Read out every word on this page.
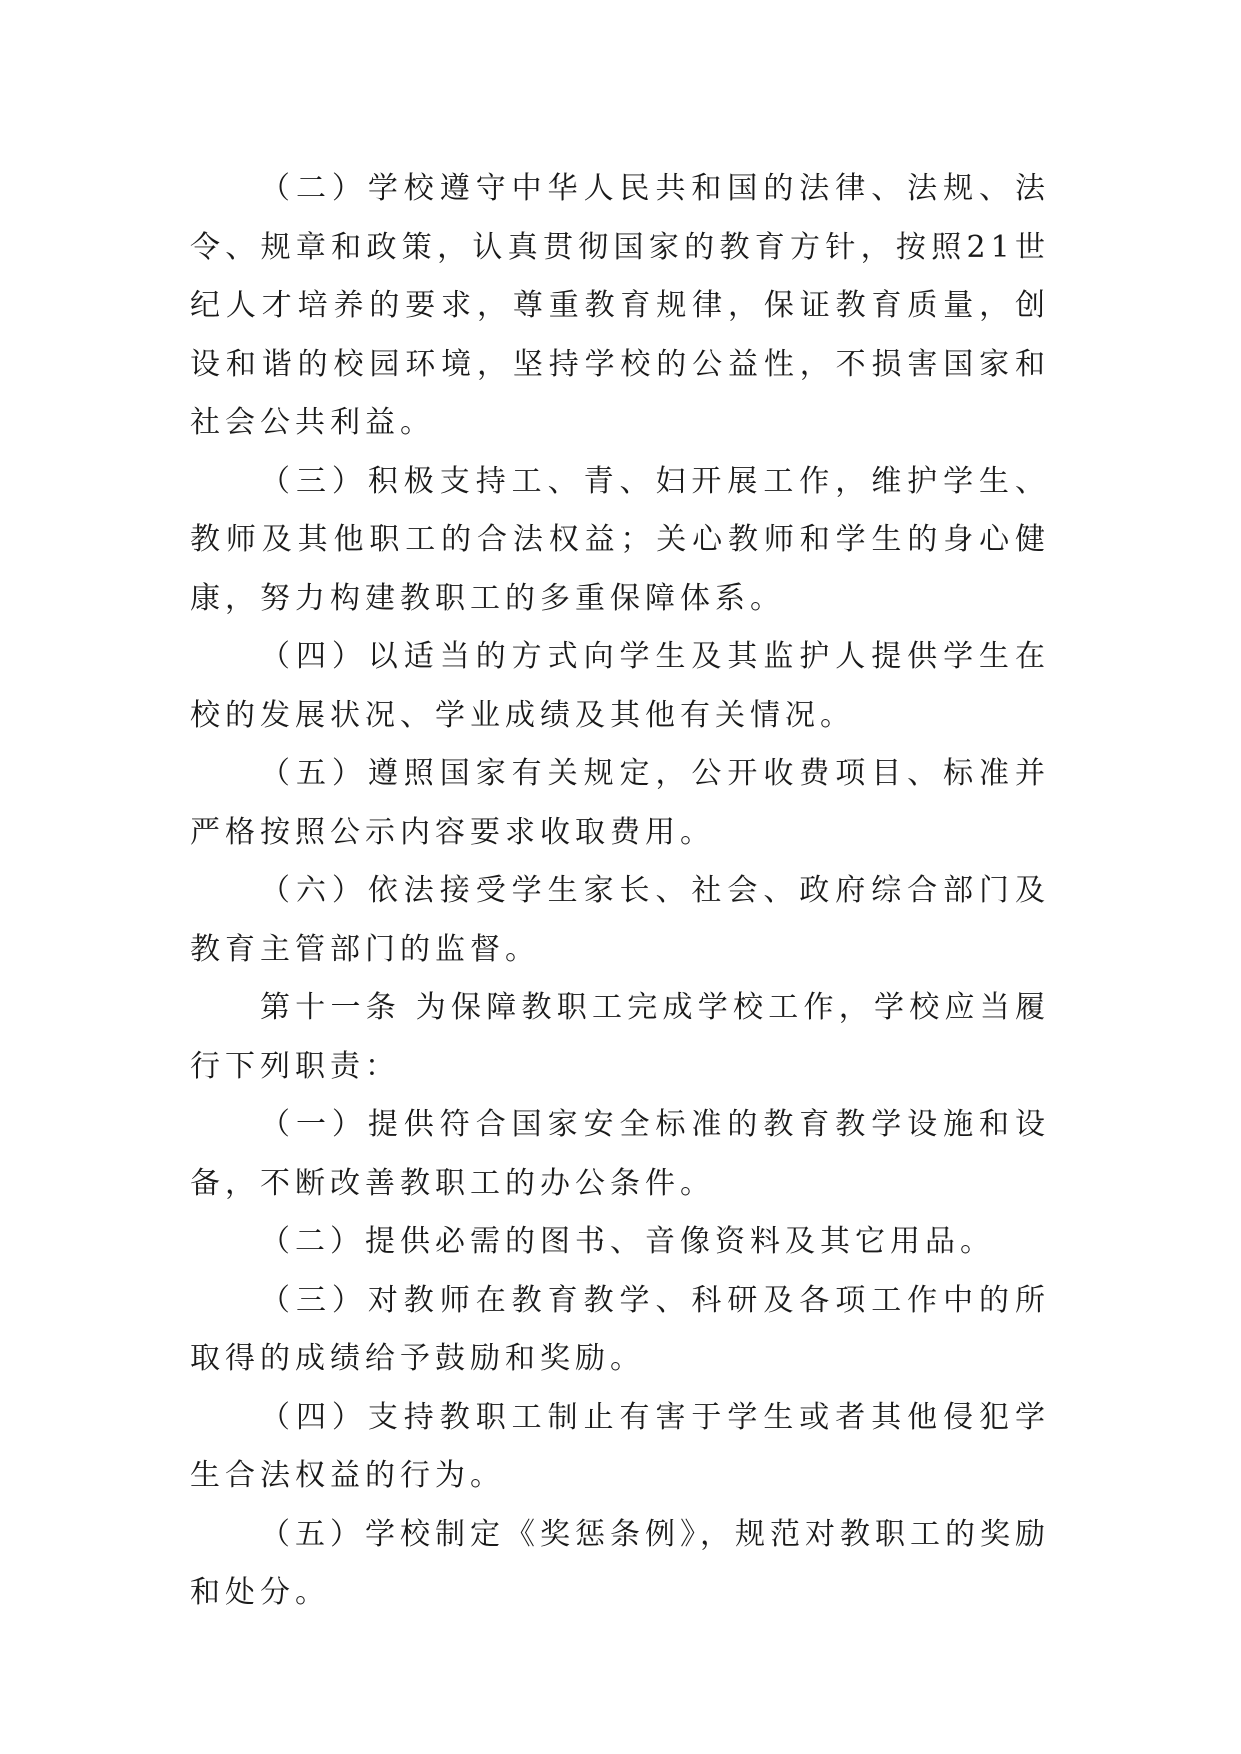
（二）学校遵守中华人民共和国的法律、法规、法令、规章和政策，认真贯彻国家的教育方针，按照21世纪人才培养的要求，尊重教育规律，保证教育质量，创设和谐的校园环境，坚持学校的公益性，不损害国家和社会公共利益。

（三）积极支持工、青、妇开展工作，维护学生、教师及其他职工的合法权益；关心教师和学生的身心健康，努力构建教职工的多重保障体系。

（四）以适当的方式向学生及其监护人提供学生在校的发展状况、学业成绩及其他有关情况。

（五）遵照国家有关规定，公开收费项目、标准并严格按照公示内容要求收取费用。

（六）依法接受学生家长、社会、政府综合部门及教育主管部门的监督。

第十一条 为保障教职工完成学校工作，学校应当履行下列职责：

（一）提供符合国家安全标准的教育教学设施和设备，不断改善教职工的办公条件。

（二）提供必需的图书、音像资料及其它用品。

（三）对教师在教育教学、科研及各项工作中的所取得的成绩给予鼓励和奖励。

（四）支持教职工制止有害于学生或者其他侵犯学生合法权益的行为。

（五）学校制定《奖惩条例》，规范对教职工的奖励和处分。
